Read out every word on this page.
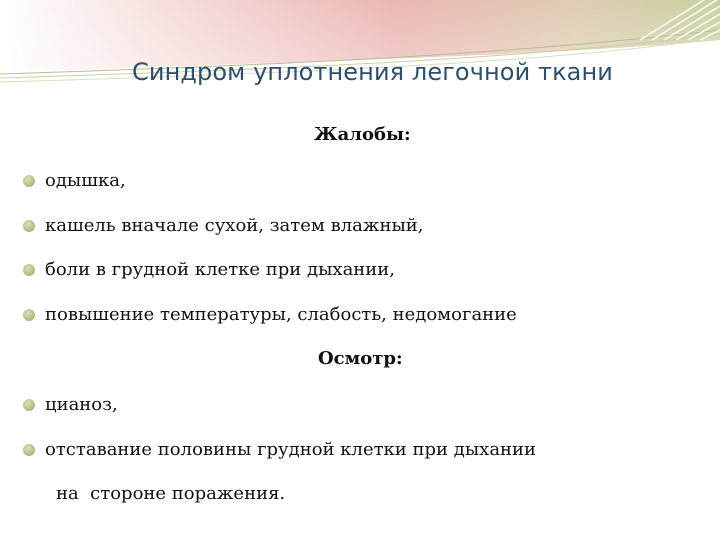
Синдром уплотнения легочной ткани
Жалобы:
одышка,
кашель вначале сухой, затем влажный,
боли в грудной клетке при дыхании,
повышение температуры, слабость, недомогание
Осмотр:
цианоз,
отставание половины грудной клетки при дыхании
на  стороне поражения.
